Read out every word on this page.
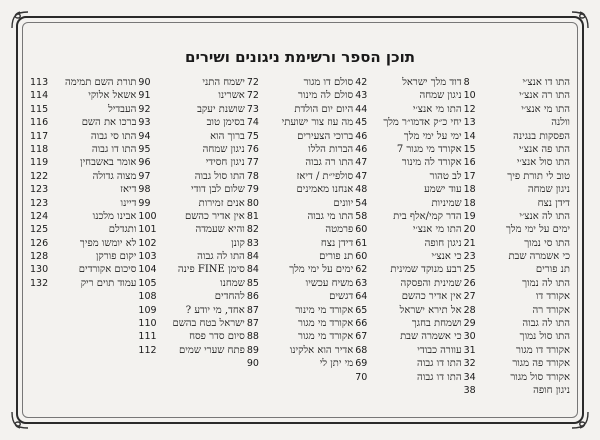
תוכן הספר ורשימת ניגונים ושירים
התו דו אנצ׳י
8
התו רה אנצ׳י
10
התו מי אנצ׳י
12
וולנה
13
הפסקות בנגינה
14
התו פה אנצ׳י
15
התו סול אנצ׳י
16
טוב לי תורת פיך
17
ניגון שמחה
18
דידן נצח
18
התו לה אנצ׳י
19
ימים על ימי מלך
20
התו סי נמוך
21
כי אשמרה שבת
23
תנ פורים
25
התו לה נמוך
26
אקורד דו
27
אקורד רה
28
התו לה גבוה
29
התו סול נמוך
30
אקורד דו מגור
31
אקורד פה מגור
32
אקורד סול מגור
34
ניגון חופה
38
דוד מלך ישראל
42
ניגון שמחה
43
התו מי אנצ׳י
44
יחי כ״ק אדמו״ר מלך
45
ימי על ימי מלך
46
אקורד מי מגור 7
46
אקורד לה מינור
47
לב טהור
47
עוד ישמע
48
שמיניות
54
הדר קמי/אלף בית
58
התו מי אנצ׳י
60
ניגון חופה
61
כי אנצ׳י
60
רבע מנוקד שמינית
62
שמינית והפסקה
63
אין אדיר כהשם
64
אל תירא ישראל
65
ושמחת בחגך
66
כי אשמרה שבת
67
עוורה כבודי
68
התו דו גבוה
69
התו דו גבוה
70
סולם דו מגור
72
סולם לה מינור
72
היום יום הולדת
73
מה עוז צור ישועתי
74
ברוכי הצעירים
75
הברות הללו
76
התו רה גבוה
77
סולפי״ת / דיאז
78
אנחנו מאמינים
79
יוונים
80
התו מי גבוה
81
פרמטה
82
דידן נצח
83
תנ פורים
84
ימים על ימי מלך
84
משיח עכשיו
85
דגשים
86
אקורד מי מינור
87
אקורד מי מגור
87
אקורד מי מגור
88
אדיר הוא אלקינו
89
מי יתן לי
90
ישמח התני
90
אשרינו
91
שושנת יעקב
92
בסימן טוב
93
ברוך הוא
94
ניגון שמחה
95
ניגון חסידי
96
התו סול גבוה
97
שלום לבן דודי
98
אנים זמירות
99
אין אדיר כהשם
100
והיא שעמדה
101
קונן
102
התו לה גבוה
103
סימן FINE פינה
104
שמחנו
105
להחדים
108
אחד, מי יודע ?
109
ישראל בטח בהשם
110
סיום סדר פסח
111
פתח שערי שמים
112
תורת השם תמימה
113
אשאל אלוקי
114
העבדיל
115
ברכו את השם
116
התו סי גבוה
117
התו דו גבוה
118
אומר באשבחין
119
מצוה גדולה
122
דיאז
123
דיינו
123
אבינו מלכנו
124
ותגדלם
125
לא יומשו מפיך
126
יקום פורקן
128
סיכום אקורדים
130
עמוד תוים ריק
132
